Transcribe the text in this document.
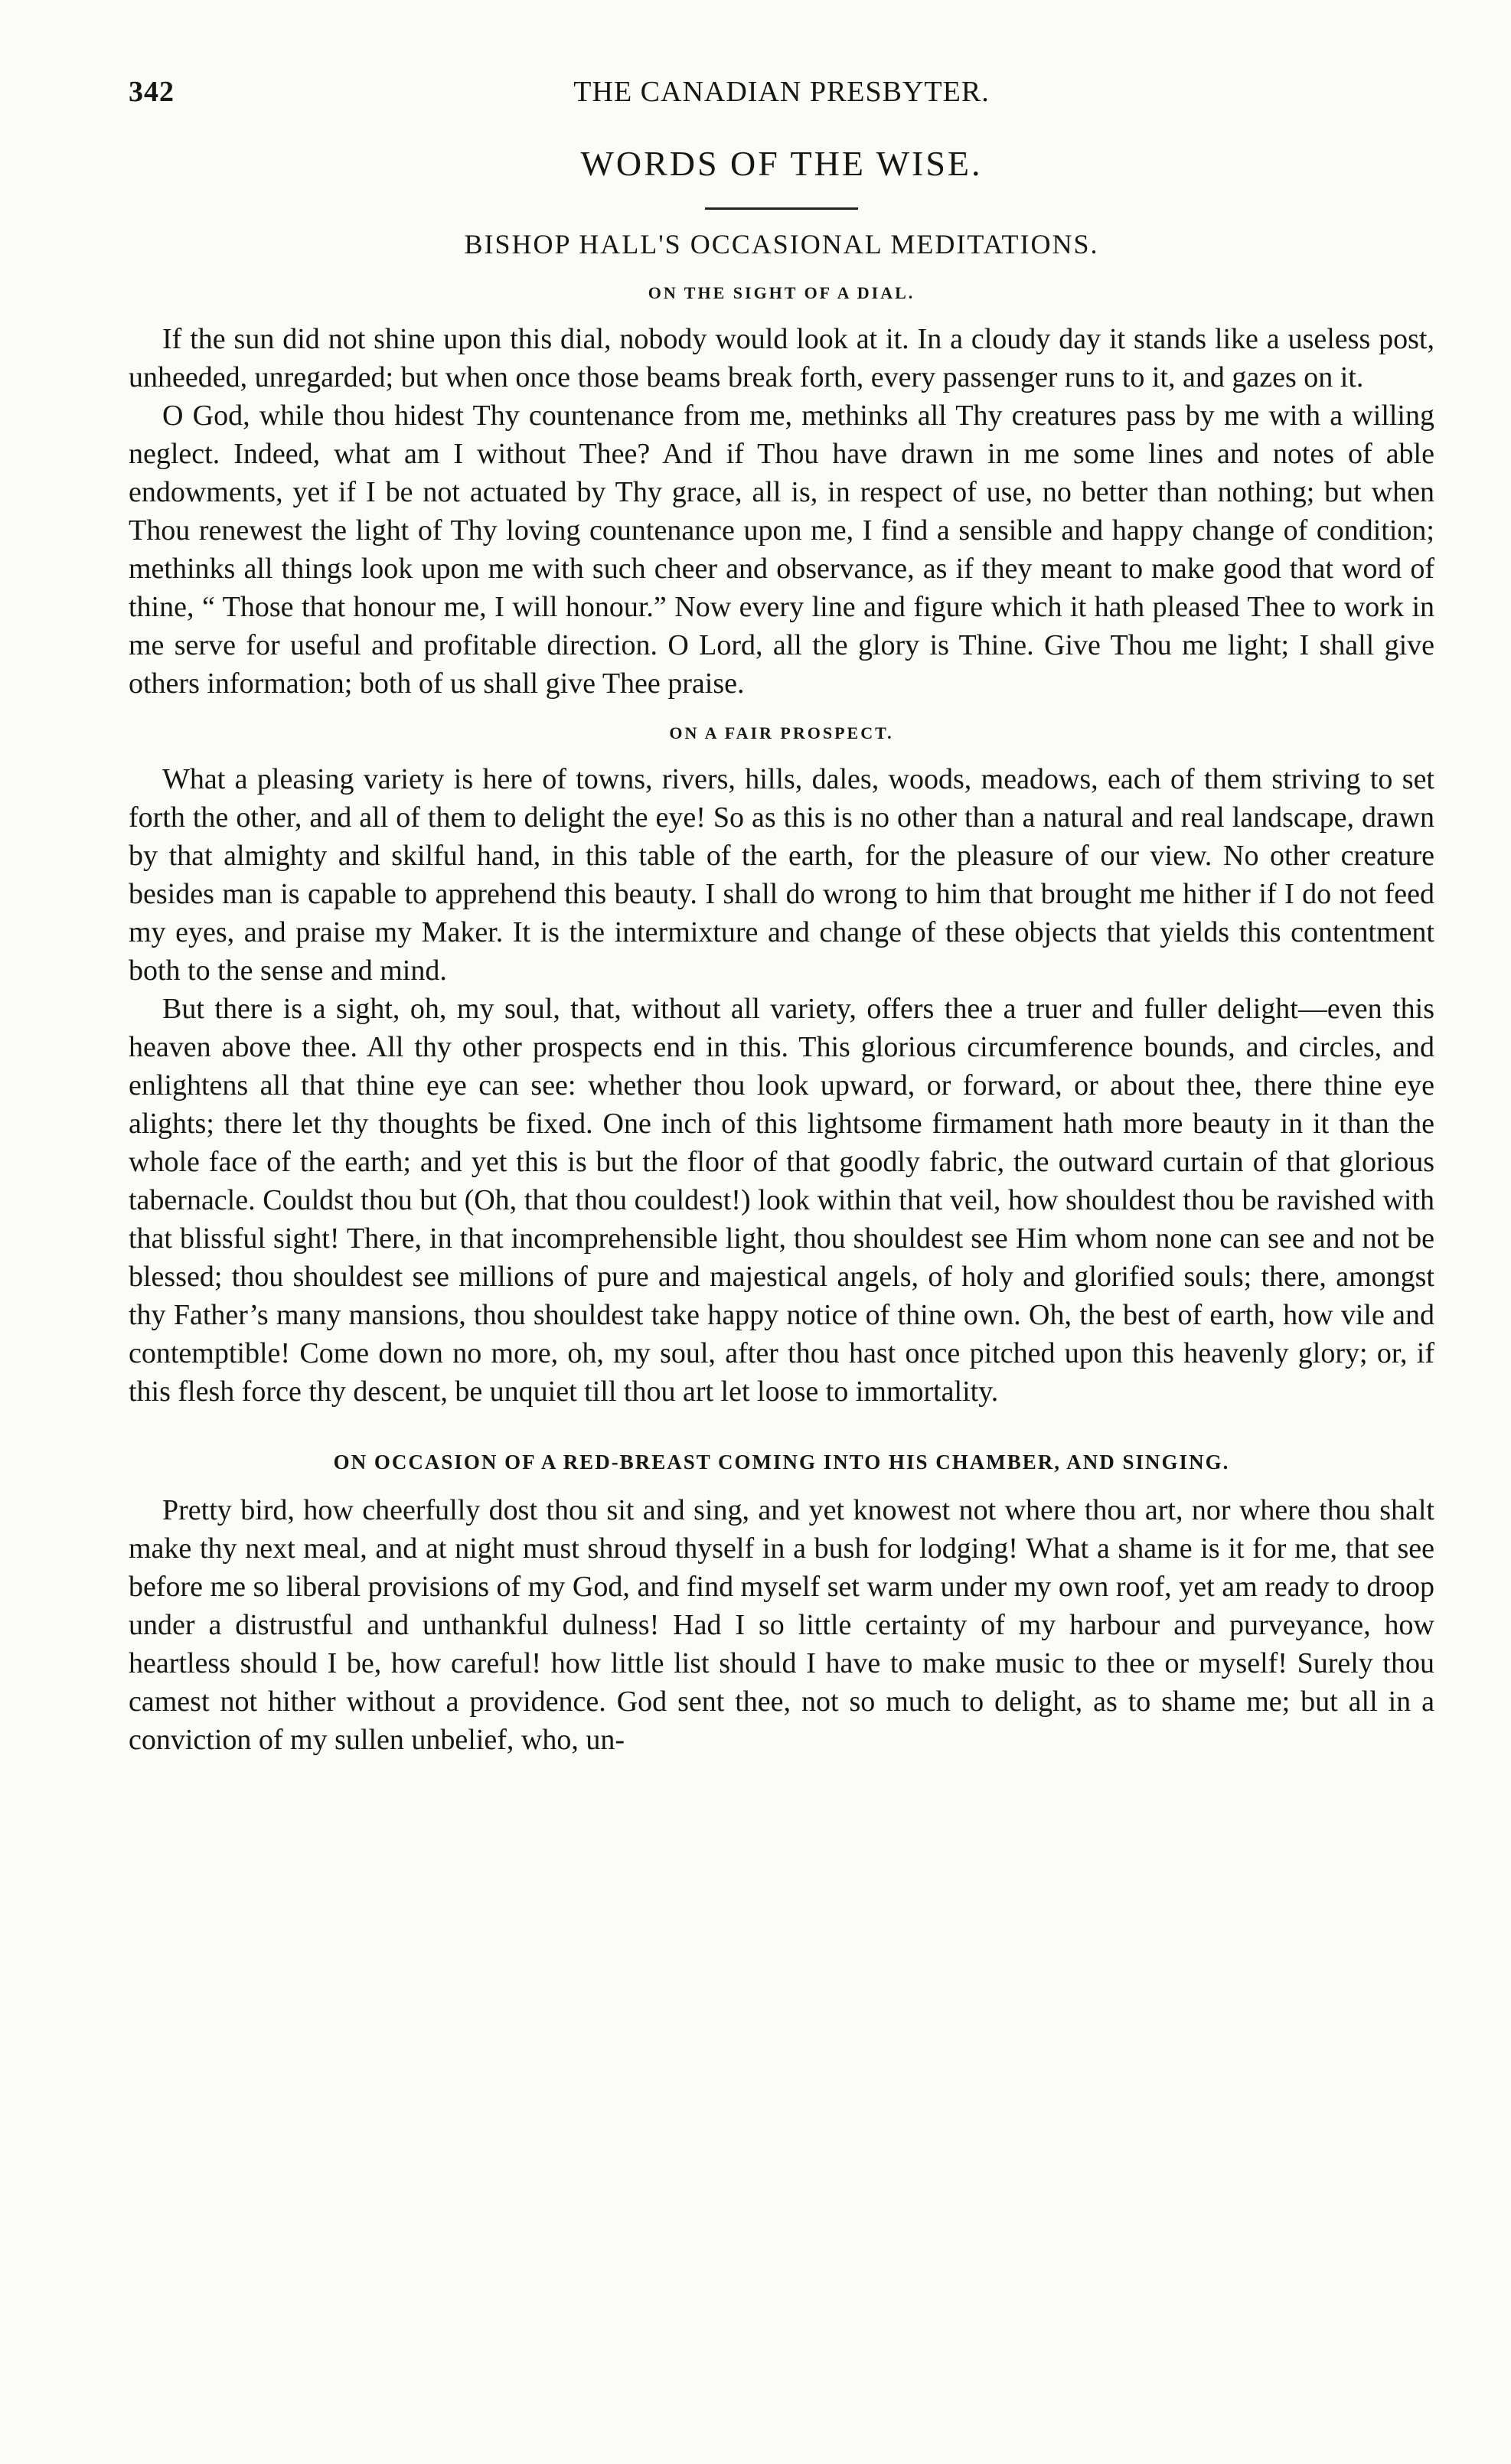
342	THE CANADIAN PRESBYTER.
WORDS OF THE WISE.
BISHOP HALL'S OCCASIONAL MEDITATIONS.
ON THE SIGHT OF A DIAL.

If the sun did not shine upon this dial, nobody would look at it. In a cloudy day it stands like a useless post, unheeded, unregarded; but when once those beams break forth, every passenger runs to it, and gazes on it.

O God, while thou hidest Thy countenance from me, methinks all Thy creatures pass by me with a willing neglect. Indeed, what am I without Thee? And if Thou have drawn in me some lines and notes of able endowments, yet if I be not actuated by Thy grace, all is, in respect of use, no better than nothing; but when Thou renewest the light of Thy loving countenance upon me, I find a sensible and happy change of condition; methinks all things look upon me with such cheer and observance, as if they meant to make good that word of thine, “ Those that honour me, I will honour.” Now every line and figure which it hath pleased Thee to work in me serve for useful and profitable direction. O Lord, all the glory is Thine. Give Thou me light; I shall give others information; both of us shall give Thee praise.

ON A FAIR PROSPECT.

What a pleasing variety is here of towns, rivers, hills, dales, woods, meadows, each of them striving to set forth the other, and all of them to delight the eye! So as this is no other than a natural and real landscape, drawn by that almighty and skilful hand, in this table of the earth, for the pleasure of our view. No other creature besides man is capable to apprehend this beauty. I shall do wrong to him that brought me hither if I do not feed my eyes, and praise my Maker. It is the intermixture and change of these objects that yields this contentment both to the sense and mind.

But there is a sight, oh, my soul, that, without all variety, offers thee a truer and fuller delight—even this heaven above thee. All thy other prospects end in this. This glorious circumference bounds, and circles, and enlightens all that thine eye can see: whether thou look upward, or forward, or about thee, there thine eye alights; there let thy thoughts be fixed. One inch of this lightsome firmament hath more beauty in it than the whole face of the earth; and yet this is but the floor of that goodly fabric, the outward curtain of that glorious tabernacle. Couldst thou but (Oh, that thou couldest!) look within that veil, how shouldest thou be ravished with that blissful sight! There, in that incomprehensible light, thou shouldest see Him whom none can see and not be blessed; thou shouldest see millions of pure and majestical angels, of holy and glorified souls; there, amongst thy Father’s many mansions, thou shouldest take happy notice of thine own. Oh, the best of earth, how vile and contemptible! Come down no more, oh, my soul, after thou hast once pitched upon this heavenly glory; or, if this flesh force thy descent, be unquiet till thou art let loose to immortality.

ON OCCASION OF A RED-BREAST COMING INTO HIS CHAMBER, AND SINGING.

Pretty bird, how cheerfully dost thou sit and sing, and yet knowest not where thou art, nor where thou shalt make thy next meal, and at night must shroud thyself in a bush for lodging! What a shame is it for me, that see before me so liberal provisions of my God, and find myself set warm under my own roof, yet am ready to droop under a distrustful and unthankful dulness! Had I so little certainty of my harbour and purveyance, how heartless should I be, how careful! how little list should I have to make music to thee or myself! Surely thou camest not hither without a providence. God sent thee, not so much to delight, as to shame me; but all in a conviction of my sullen unbelief, who, un-
